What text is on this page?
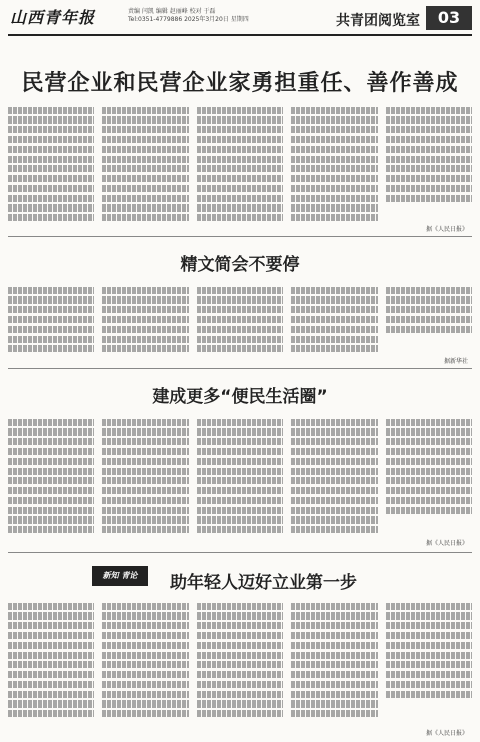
山西青年报	责编 闫凯 编辑 赵丽峰 校对 于磊
Tel:0351-4779886 2025年3月20日 星期四	共青团阅览室	03
民营企业和民营企业家勇担重任、善作善成
据《人民日报》
精文简会不要停
据新华社
建成更多“便民生活圈”
据《人民日报》
新知 青论	助年轻人迈好立业第一步
据《人民日报》
